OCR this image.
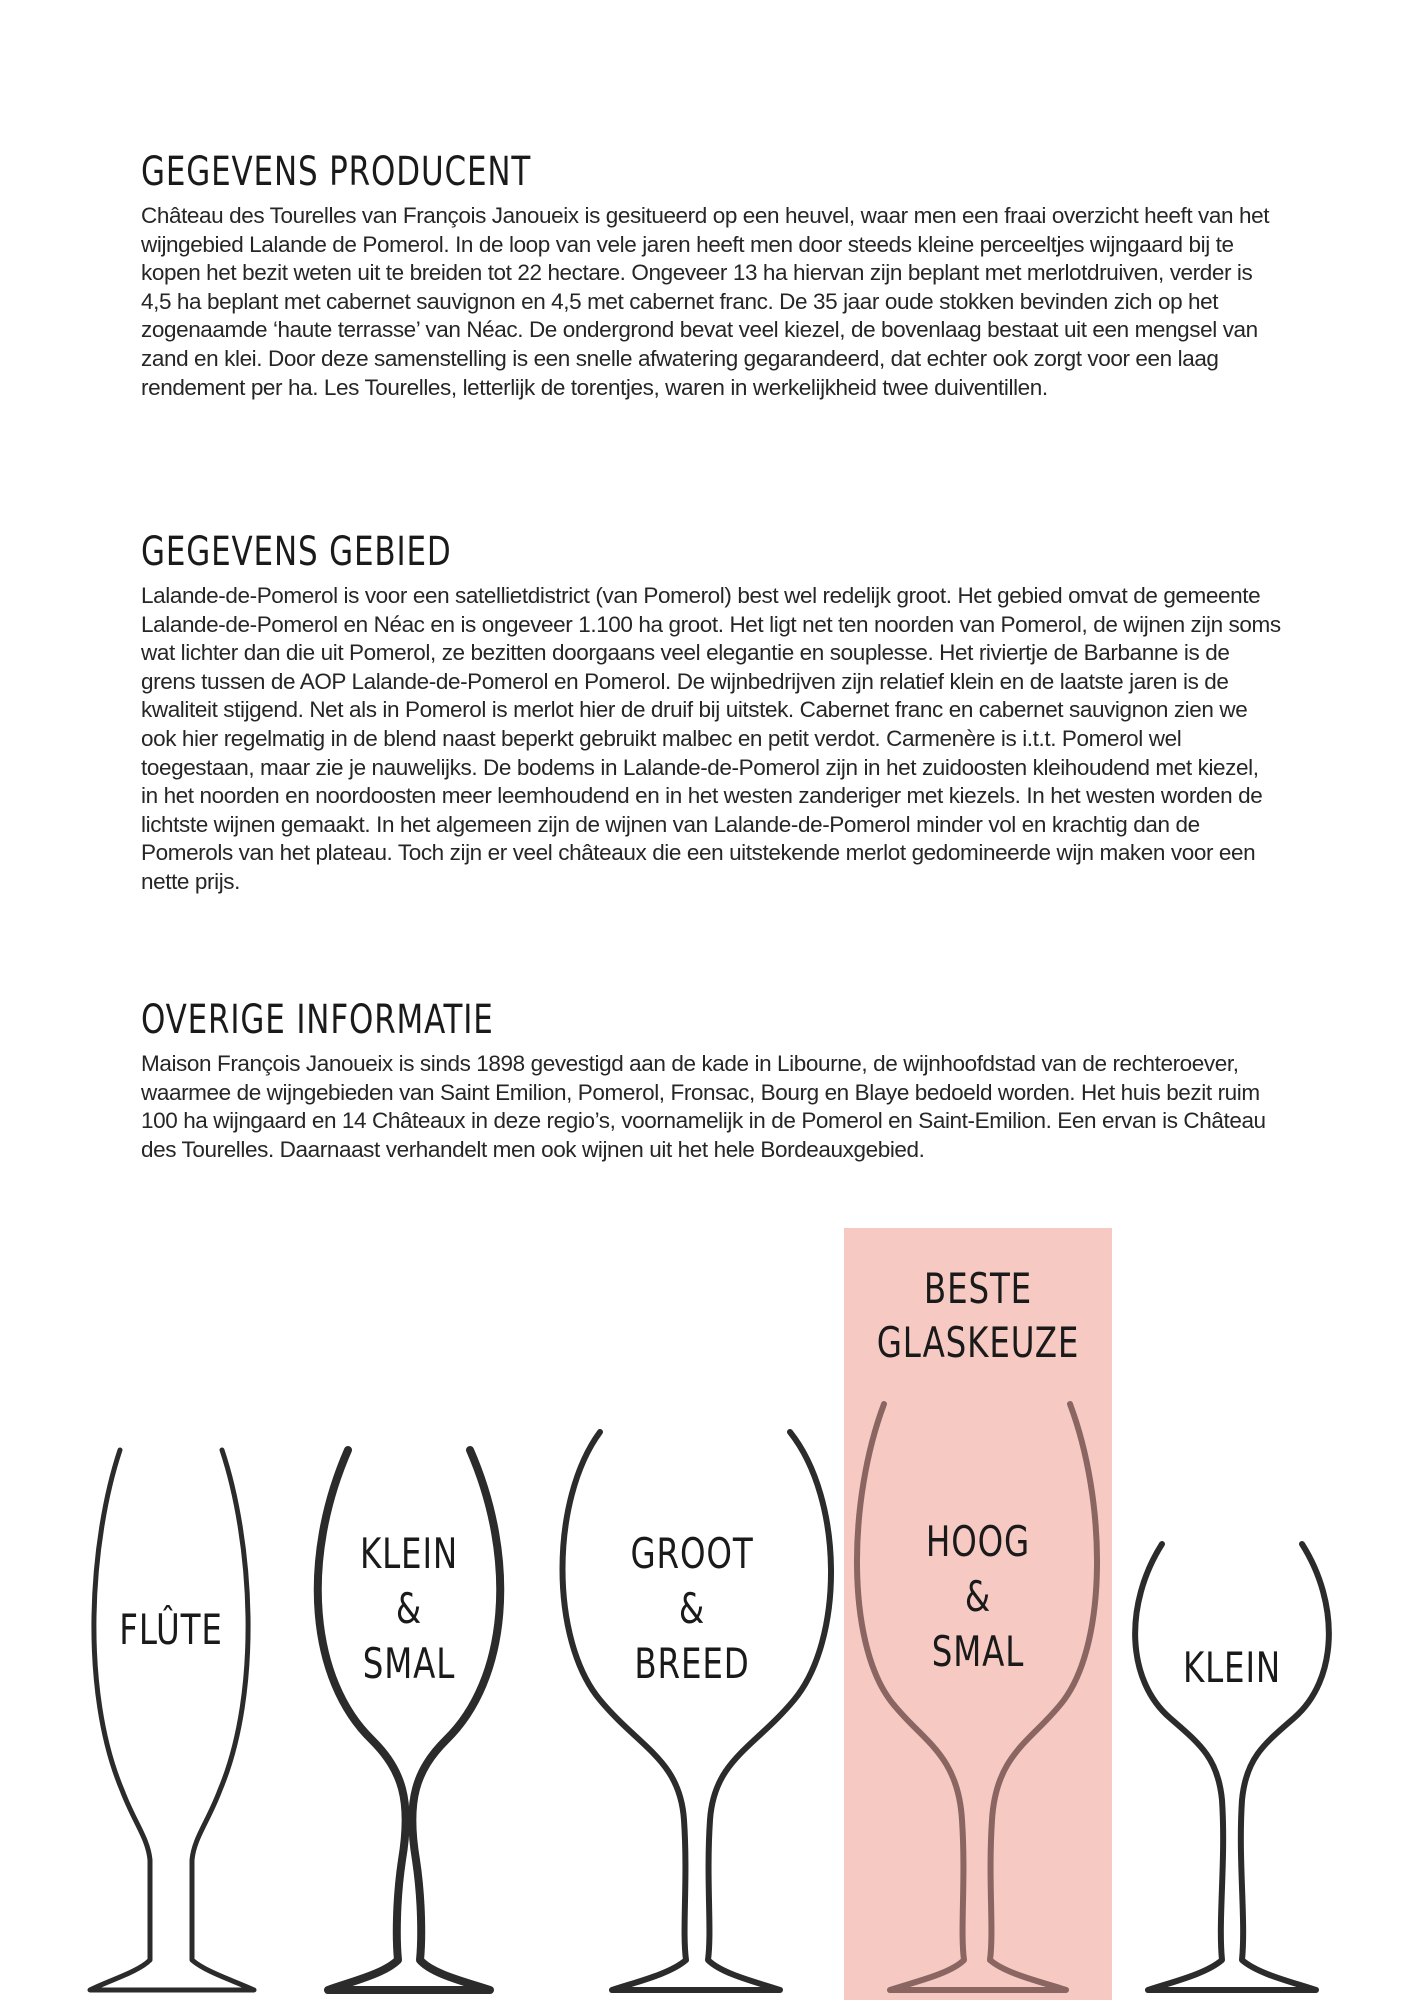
GEGEVENS PRODUCENT

Château des Tourelles van François Janoueix is gesitueerd op een heuvel, waar men een fraai overzicht heeft van het wijngebied Lalande de Pomerol. In de loop van vele jaren heeft men door steeds kleine perceeltjes wijngaard bij te kopen het bezit weten uit te breiden tot 22 hectare. Ongeveer 13 ha hiervan zijn beplant met merlotdruiven, verder is 4,5 ha beplant met cabernet sauvignon en 4,5 met cabernet franc. De 35 jaar oude stokken bevinden zich op het zogenaamde ‘haute terrasse’ van Néac. De ondergrond bevat veel kiezel, de bovenlaag bestaat uit een mengsel van zand en klei. Door deze samenstelling is een snelle afwatering gegarandeerd, dat echter ook zorgt voor een laag rendement per ha. Les Tourelles, letterlijk de torentjes, waren in werkelijkheid twee duiventillen.

GEGEVENS GEBIED

Lalande-de-Pomerol is voor een satellietdistrict (van Pomerol) best wel redelijk groot. Het gebied omvat de gemeente Lalande-de-Pomerol en Néac en is ongeveer 1.100 ha groot. Het ligt net ten noorden van Pomerol, de wijnen zijn soms wat lichter dan die uit Pomerol, ze bezitten doorgaans veel elegantie en souplesse. Het riviertje de Barbanne is de grens tussen de AOP Lalande-de-Pomerol en Pomerol. De wijnbedrijven zijn relatief klein en de laatste jaren is de kwaliteit stijgend. Net als in Pomerol is merlot hier de druif bij uitstek. Cabernet franc en cabernet sauvignon zien we ook hier regelmatig in de blend naast beperkt gebruikt malbec en petit verdot. Carmenère is i.t.t. Pomerol wel toegestaan, maar zie je nauwelijks. De bodems in Lalande-de-Pomerol zijn in het zuidoosten kleihoudend met kiezel, in het noorden en noordoosten meer leemhoudend en in het westen zanderiger met kiezels. In het westen worden de lichtste wijnen gemaakt. In het algemeen zijn de wijnen van Lalande-de-Pomerol minder vol en krachtig dan de Pomerols van het plateau. Toch zijn er veel châteaux die een uitstekende merlot gedomineerde wijn maken voor een nette prijs.

OVERIGE INFORMATIE

Maison François Janoueix is sinds 1898 gevestigd aan de kade in Libourne, de wijnhoofdstad van de rechteroever, waarmee de wijngebieden van Saint Emilion, Pomerol, Fronsac, Bourg en Blaye bedoeld worden. Het huis bezit ruim 100 ha wijngaard en 14 Châteaux in deze regio’s, voornamelijk in de Pomerol en Saint-Emilion. Een ervan is Château des Tourelles. Daarnaast verhandelt men ook wijnen uit het hele Bordeauxgebied.

BESTE
GLASKEUZE
FLÛTE
KLEIN
&
SMAL
GROOT
&
BREED
HOOG
&
SMAL	KLEIN
